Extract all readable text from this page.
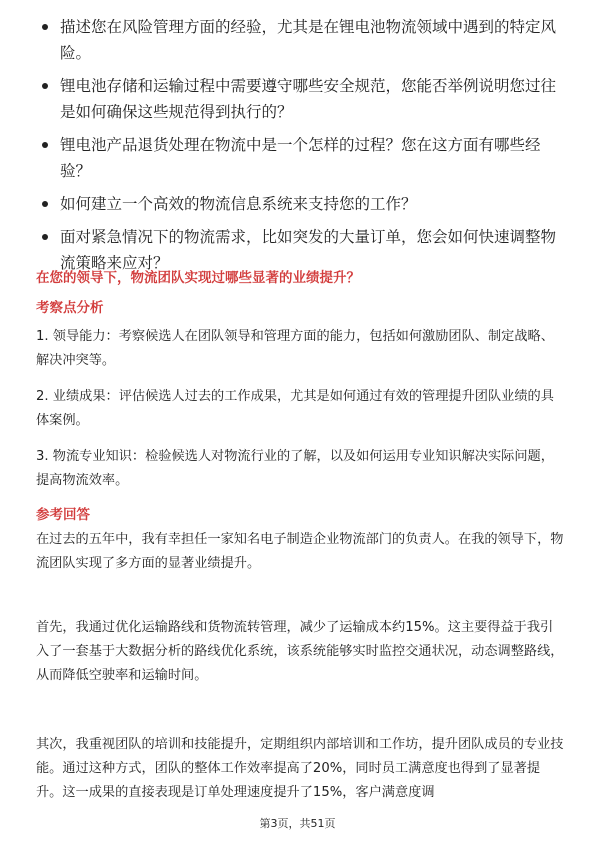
描述您在风险管理方面的经验，尤其是在锂电池物流领域中遇到的特定风险。
锂电池存储和运输过程中需要遵守哪些安全规范，您能否举例说明您过往是如何确保这些规范得到执行的？
锂电池产品退货处理在物流中是一个怎样的过程？您在这方面有哪些经验？
如何建立一个高效的物流信息系统来支持您的工作？
面对紧急情况下的物流需求，比如突发的大量订单，您会如何快速调整物流策略来应对？
在您的领导下，物流团队实现过哪些显著的业绩提升？
考察点分析
1. 领导能力：考察候选人在团队领导和管理方面的能力，包括如何激励团队、制定战略、解决冲突等。
2. 业绩成果：评估候选人过去的工作成果，尤其是如何通过有效的管理提升团队业绩的具体案例。
3. 物流专业知识：检验候选人对物流行业的了解，以及如何运用专业知识解决实际问题，提高物流效率。
参考回答

在过去的五年中，我有幸担任一家知名电子制造企业物流部门的负责人。在我的领导下，物流团队实现了多方面的显著业绩提升。

首先，我通过优化运输路线和货物流转管理，减少了运输成本约15%。这主要得益于我引入了一套基于大数据分析的路线优化系统，该系统能够实时监控交通状况，动态调整路线，从而降低空驶率和运输时间。

其次，我重视团队的培训和技能提升，定期组织内部培训和工作坊，提升团队成员的专业技能。通过这种方式，团队的整体工作效率提高了20%，同时员工满意度也得到了显著提升。这一成果的直接表现是订单处理速度提升了15%，客户满意度调

第3页，共51页
